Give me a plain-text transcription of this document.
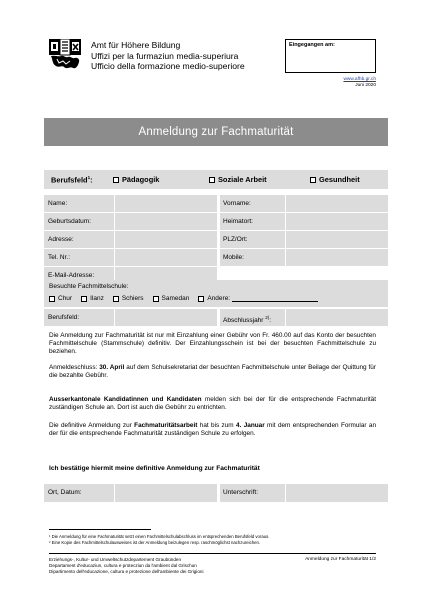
Amt für Höhere Bildung
Uffizi per la furmaziun media-superiura
Ufficio della formazione medio-superiore
Eingegangen am:
www.afhb.gr.ch
Juni 2020
Anmeldung zur Fachmaturität
Berufsfeld$^1$:	Pädagogik	Soziale Arbeit	Gesundheit
Name:	Vorname:
Geburtsdatum:	Heimatort:
Adresse:	PLZ/Ort:
Tel. Nr.:	Mobile:
E-Mail-Adresse:
Besuchte Fachmittelschule:
Chur	Ilanz	Schiers	Samedan	Andere:
Berufsfeld:	Abschlussjahr $^{2)}$:
Die Anmeldung zur Fachmaturität ist nur mit Einzahlung einer Gebühr von Fr. 460.00 auf das Konto der besuchten Fachmittelschule (Stammschule) definitiv. Der Einzahlungsschein ist bei der besuchten Fachmittelschule zu beziehen.
Anmeldeschluss: 30. April auf dem Schulsekretariat der besuchten Fachmittelschule unter Beilage der Quittung für die bezahlte Gebühr.
Ausserkantonale Kandidatinnen und Kandidaten melden sich bei der für die entsprechende Fachmaturität zuständigen Schule an. Dort ist auch die Gebühr zu entrichten.
Die definitive Anmeldung zur Fachmaturitätsarbeit hat bis zum 4. Januar mit dem entsprechenden Formular an der für die entsprechende Fachmaturität zuständigen Schule zu erfolgen.
Ich bestätige hiermit meine definitive Anmeldung zur Fachmaturität
Ort, Datum:	Unterschrift:
¹ Die Anmeldung für eine Fachmaturität setzt einen Fachmittelschulabschluss im entsprechenden Berufsfeld voraus.
² Eine Kopie des Fachmittelschulausweises ist der Anmeldung beizulegen resp. raschmöglichst nachzureichen.
Erziehungs-, Kultur- und Umweltschutzdepartement Graubünden
Departament d'educaziun, cultura e protecziun da l'ambient dal Grischun
Dipartimento dell'educazione, cultura e protezione dell'ambiente dei Grigioni
Anmeldung zur Fachmaturität 1/2
